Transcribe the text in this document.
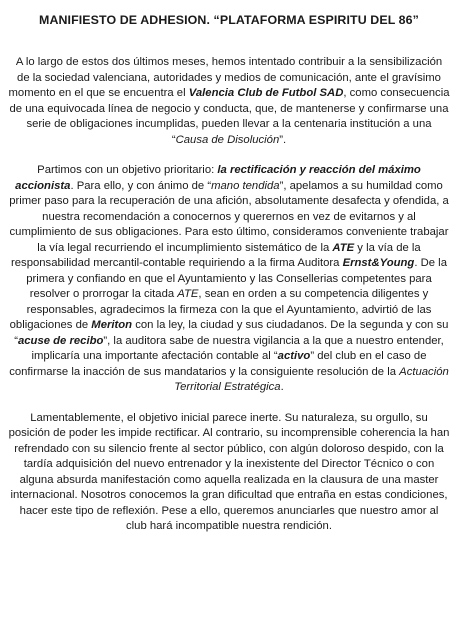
MANIFIESTO DE ADHESION. “PLATAFORMA ESPIRITU DEL 86”

A lo largo de estos dos últimos meses, hemos intentado contribuir a la sensibilización de la sociedad valenciana, autoridades y medios de comunicación, ante el gravísimo momento en el que se encuentra el Valencia Club de Futbol SAD, como consecuencia de una equivocada línea de negocio y conducta, que, de mantenerse y confirmarse una serie de obligaciones incumplidas, pueden llevar a la centenaria institución a una “Causa de Disolución”.

Partimos con un objetivo prioritario: la rectificación y reacción del máximo accionista. Para ello, y con ánimo de “mano tendida”, apelamos a su humildad como primer paso para la recuperación de una afición, absolutamente desafecta y ofendida, a nuestra recomendación a conocernos y querernos en vez de evitarnos y al cumplimiento de sus obligaciones. Para esto último, consideramos conveniente trabajar la vía legal recurriendo el incumplimiento sistemático de la ATE y la vía de la responsabilidad mercantil-contable requiriendo a la firma Auditora Ernst&Young. De la primera y confiando en que el Ayuntamiento y las Consellerias competentes para resolver o prorrogar la citada ATE, sean en orden a su competencia diligentes y responsables, agradecimos la firmeza con la que el Ayuntamiento, advirtió de las obligaciones de Meriton con la ley, la ciudad y sus ciudadanos. De la segunda y con su “acuse de recibo”, la auditora sabe de nuestra vigilancia a la que a nuestro entender, implicaría una importante afectación contable al “activo” del club en el caso de confirmarse la inacción de sus mandatarios y la consiguiente resolución de la Actuación Territorial Estratégica.

Lamentablemente, el objetivo inicial parece inerte. Su naturaleza, su orgullo, su posición de poder les impide rectificar. Al contrario, su incomprensible coherencia la han refrendado con su silencio frente al sector público, con algún doloroso despido, con la tardía adquisición del nuevo entrenador y la inexistente del Director Técnico o con alguna absurda manifestación como aquella realizada en la clausura de una master internacional. Nosotros conocemos la gran dificultad que entraña en estas condiciones, hacer este tipo de reflexión. Pese a ello, queremos anunciarles que nuestro amor al club hará incompatible nuestra rendición.
